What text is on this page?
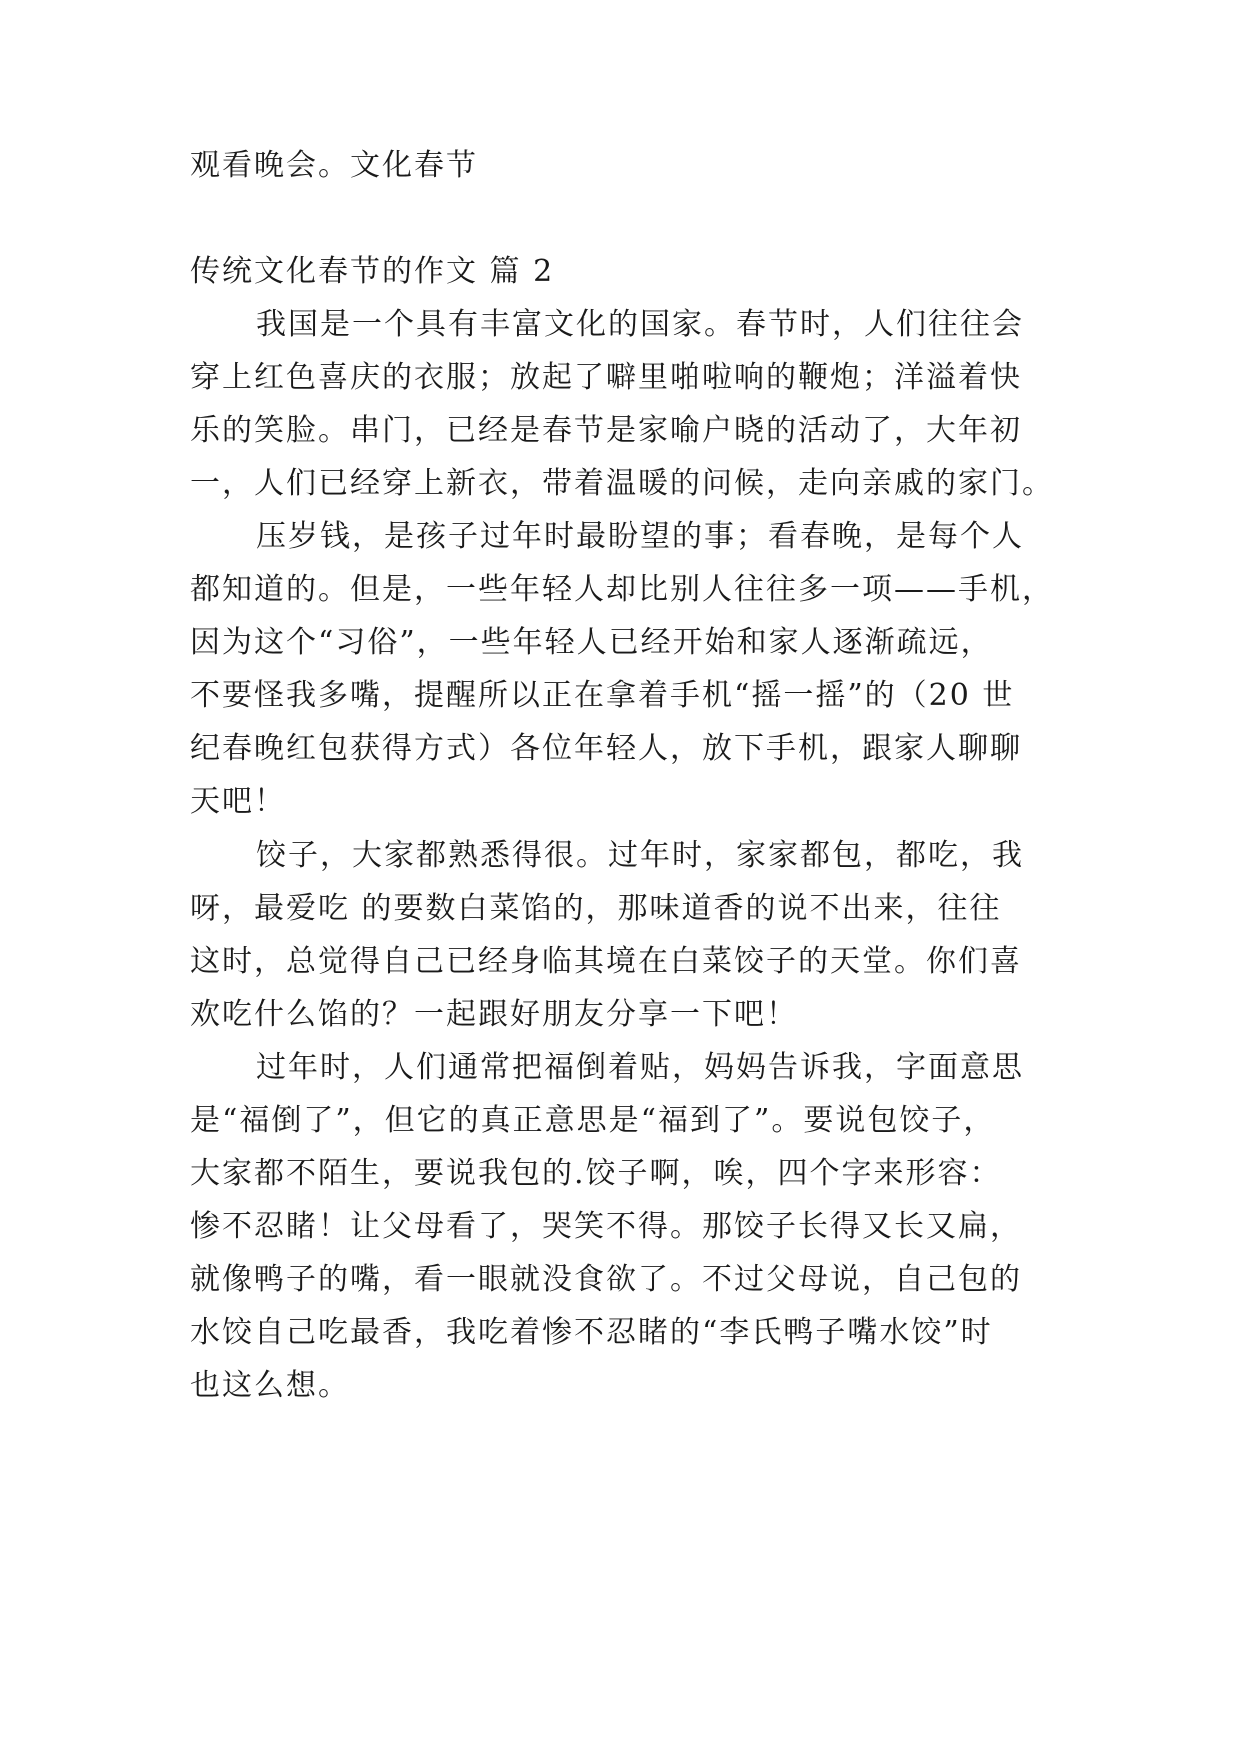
观看晚会。文化春节
传统文化春节的作文 篇 2
我国是一个具有丰富文化的国家。春节时，人们往往会
穿上红色喜庆的衣服；放起了噼里啪啦响的鞭炮；洋溢着快
乐的笑脸。串门，已经是春节是家喻户晓的活动了，大年初
一，人们已经穿上新衣，带着温暖的问候，走向亲戚的家门。
压岁钱，是孩子过年时最盼望的事；看春晚，是每个人
都知道的。但是，一些年轻人却比别人往往多一项——手机，
因为这个“习俗”，一些年轻人已经开始和家人逐渐疏远，
不要怪我多嘴，提醒所以正在拿着手机“摇一摇”的（20 世
纪春晚红包获得方式）各位年轻人，放下手机，跟家人聊聊
天吧！
饺子，大家都熟悉得很。过年时，家家都包，都吃，我
呀，最爱吃 的要数白菜馅的，那味道香的说不出来，往往
这时，总觉得自己已经身临其境在白菜饺子的天堂。你们喜
欢吃什么馅的？一起跟好朋友分享一下吧！
过年时，人们通常把福倒着贴，妈妈告诉我，字面意思
是“福倒了”，但它的真正意思是“福到了”。要说包饺子，
大家都不陌生，要说我包的.饺子啊，唉，四个字来形容：
惨不忍睹！让父母看了，哭笑不得。那饺子长得又长又扁，
就像鸭子的嘴，看一眼就没食欲了。不过父母说，自己包的
水饺自己吃最香，我吃着惨不忍睹的“李氏鸭子嘴水饺”时
也这么想。
